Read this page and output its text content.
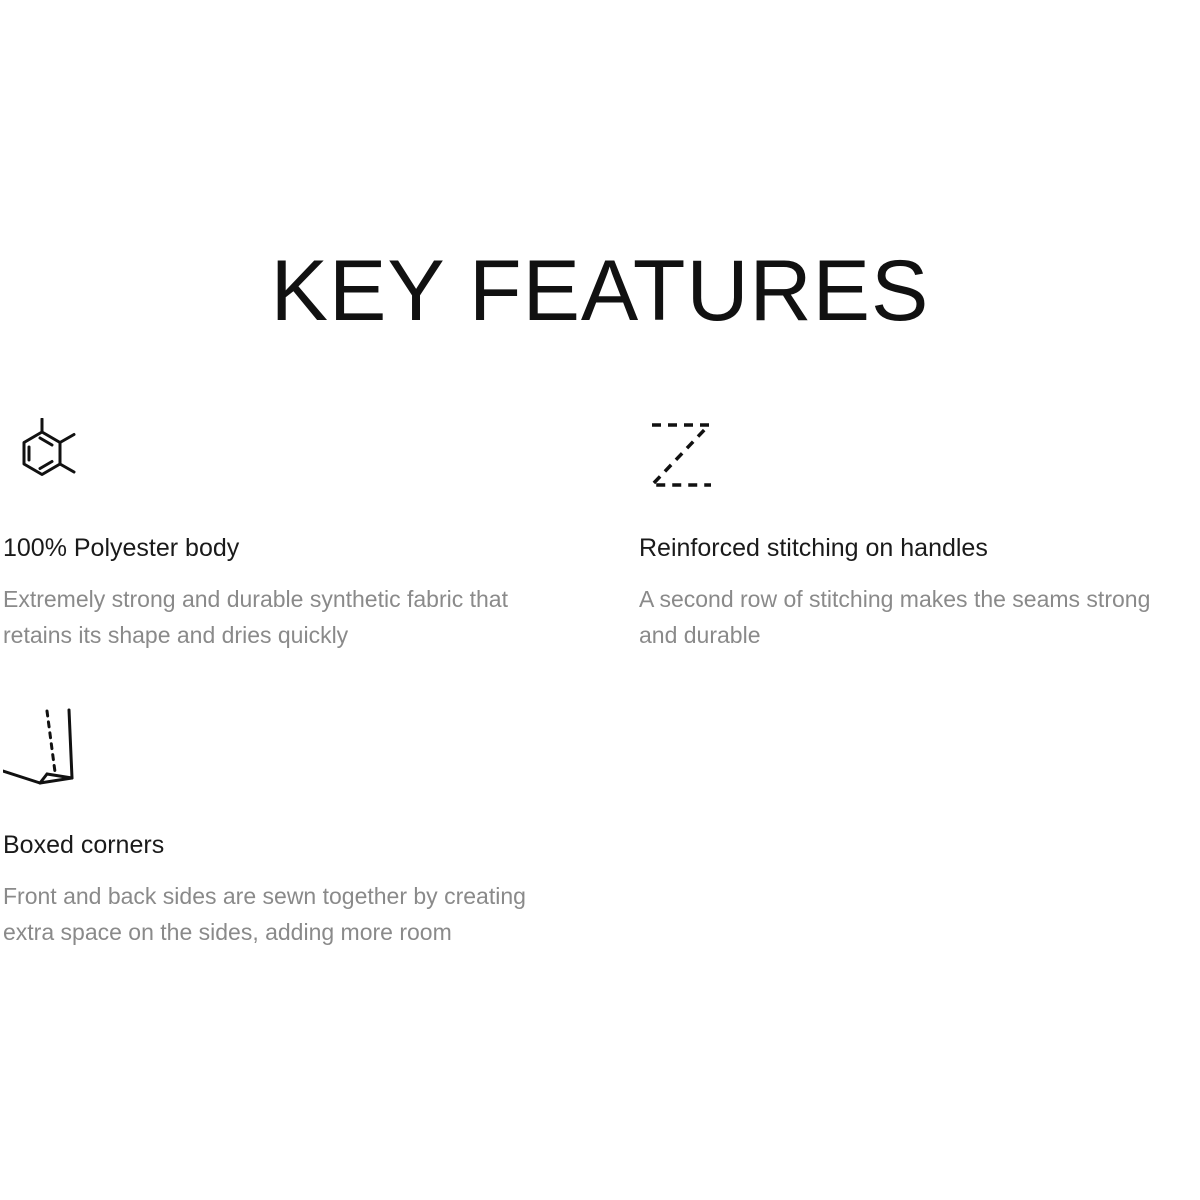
KEY FEATURES
100% Polyester body

Extremely strong and durable synthetic fabric that
retains its shape and dries quickly

Reinforced stitching on handles

A second row of stitching makes the seams strong
and durable

Boxed corners

Front and back sides are sewn together by creating
extra space on the sides, adding more room
